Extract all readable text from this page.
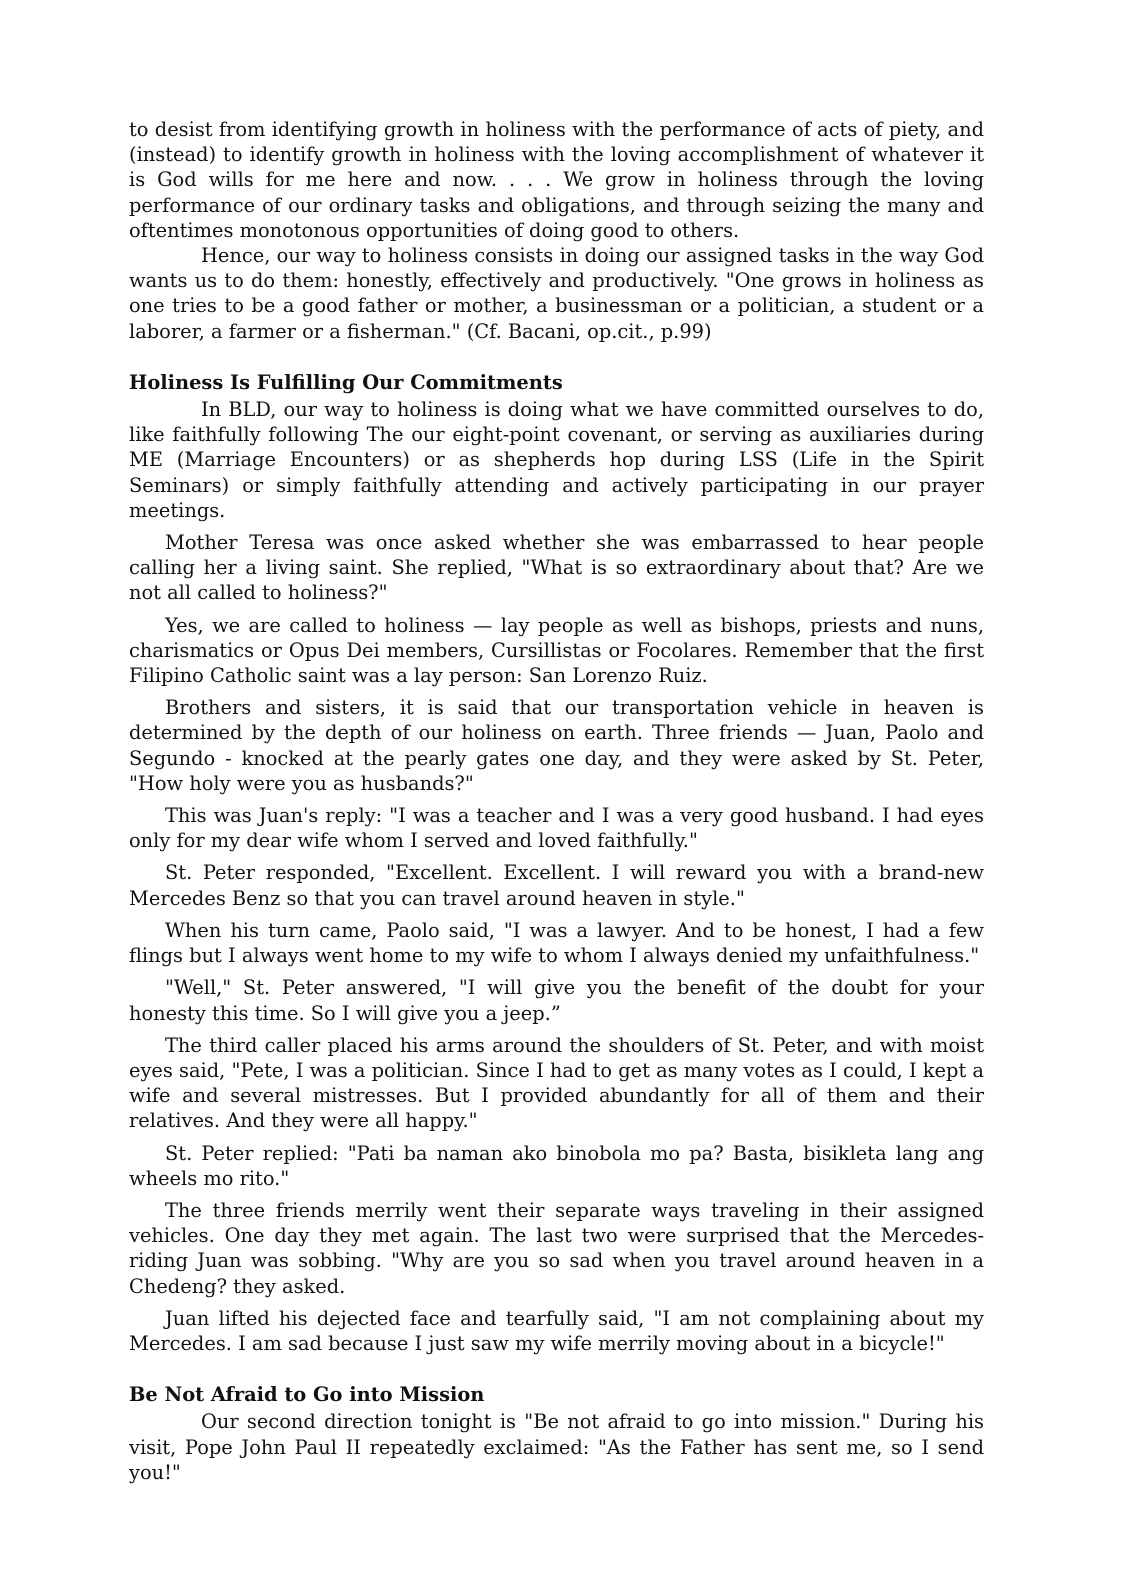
to desist from identifying growth in holiness with the performance of acts of piety, and (instead) to identify growth in holiness with the loving accomplishment of whatever it is God wills for me here and now. . . . We grow in holiness through the loving performance of our ordinary tasks and obligations, and through seizing the many and oftentimes monotonous opportunities of doing good to others.

Hence, our way to holiness consists in doing our assigned tasks in the way God wants us to do them: honestly, effectively and productively. "One grows in holiness as one tries to be a good father or mother, a businessman or a politician, a student or a laborer, a farmer or a fisherman." (Cf. Bacani, op.cit., p.99)

Holiness Is Fulfilling Our Commitments

In BLD, our way to holiness is doing what we have committed ourselves to do, like faithfully following The our eight-point covenant, or serving as auxiliaries during ME (Marriage Encounters) or as shepherds hop during LSS (Life in the Spirit Seminars) or simply faithfully attending and actively participating in our prayer meetings.

Mother Teresa was once asked whether she was embarrassed to hear people calling her a living saint. She replied, "What is so extraordinary about that? Are we not all called to holiness?"

Yes, we are called to holiness — lay people as well as bishops, priests and nuns, charismatics or Opus Dei members, Cursillistas or Focolares. Remember that the first Filipino Catholic saint was a lay person: San Lorenzo Ruiz.

Brothers and sisters, it is said that our transportation vehicle in heaven is determined by the depth of our holiness on earth. Three friends — Juan, Paolo and Segundo - knocked at the pearly gates one day, and they were asked by St. Peter, "How holy were you as husbands?"

This was Juan's reply: "I was a teacher and I was a very good husband. I had eyes only for my dear wife whom I served and loved faithfully."

St. Peter responded, "Excellent. Excellent. I will reward you with a brand-new Mercedes Benz so that you can travel around heaven in style."

When his turn came, Paolo said, "I was a lawyer. And to be honest, I had a few flings but I always went home to my wife to whom I always denied my unfaithfulness."

"Well," St. Peter answered, "I will give you the benefit of the doubt for your honesty this time. So I will give you a jeep.”

The third caller placed his arms around the shoulders of St. Peter, and with moist eyes said, "Pete, I was a politician. Since I had to get as many votes as I could, I kept a wife and several mistresses. But I provided abundantly for all of them and their relatives. And they were all happy."

St. Peter replied: "Pati ba naman ako binobola mo pa? Basta, bisikleta lang ang wheels mo rito."

The three friends merrily went their separate ways traveling in their assigned vehicles. One day they met again. The last two were surprised that the Mercedes-riding Juan was sobbing. "Why are you so sad when you travel around heaven in a Chedeng? they asked.

Juan lifted his dejected face and tearfully said, "I am not complaining about my Mercedes. I am sad because I just saw my wife merrily moving about in a bicycle!"

Be Not Afraid to Go into Mission

Our second direction tonight is "Be not afraid to go into mission." During his visit, Pope John Paul II repeatedly exclaimed: "As the Father has sent me, so I send you!"
